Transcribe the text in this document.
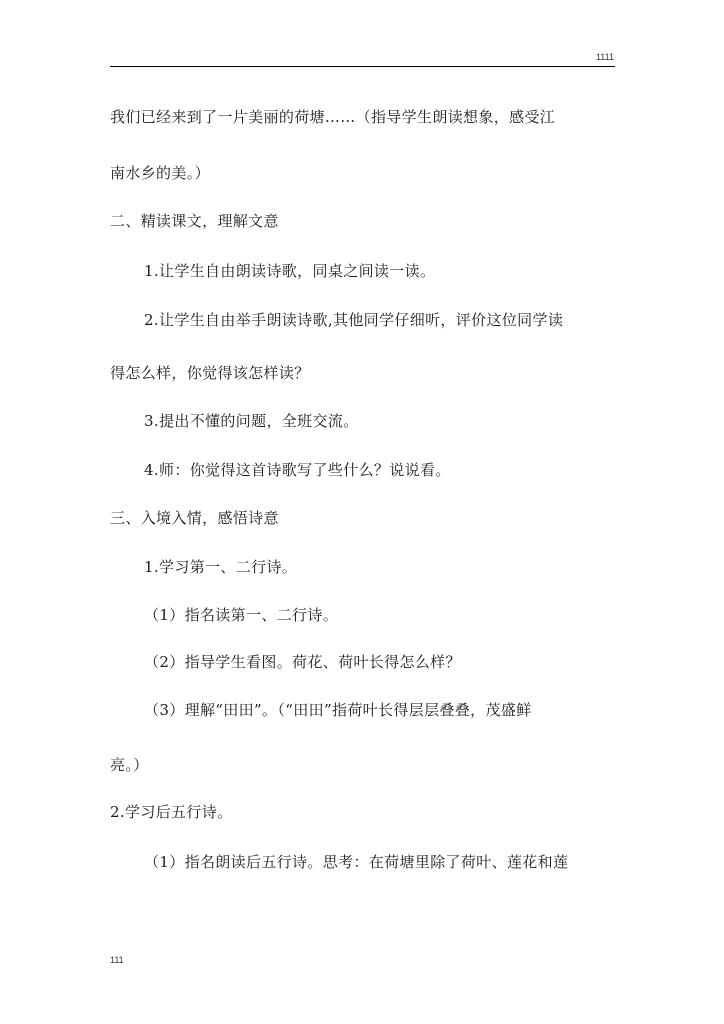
1111
我们已经来到了一片美丽的荷塘……（指导学生朗读想象，感受江
南水乡的美。）
二、精读课文，理解文意
1.让学生自由朗读诗歌，同桌之间读一读。
2.让学生自由举手朗读诗歌,其他同学仔细听，评价这位同学读
得怎么样，你觉得该怎样读？
3.提出不懂的问题，全班交流。
4.师：你觉得这首诗歌写了些什么？说说看。
三、入境入情，感悟诗意
1.学习第一、二行诗。
（1）指名读第一、二行诗。
（2）指导学生看图。荷花、荷叶长得怎么样？
（3）理解“田田”。（“田田”指荷叶长得层层叠叠，茂盛鲜
亮。）
2.学习后五行诗。
（1）指名朗读后五行诗。思考：在荷塘里除了荷叶、莲花和莲
111
